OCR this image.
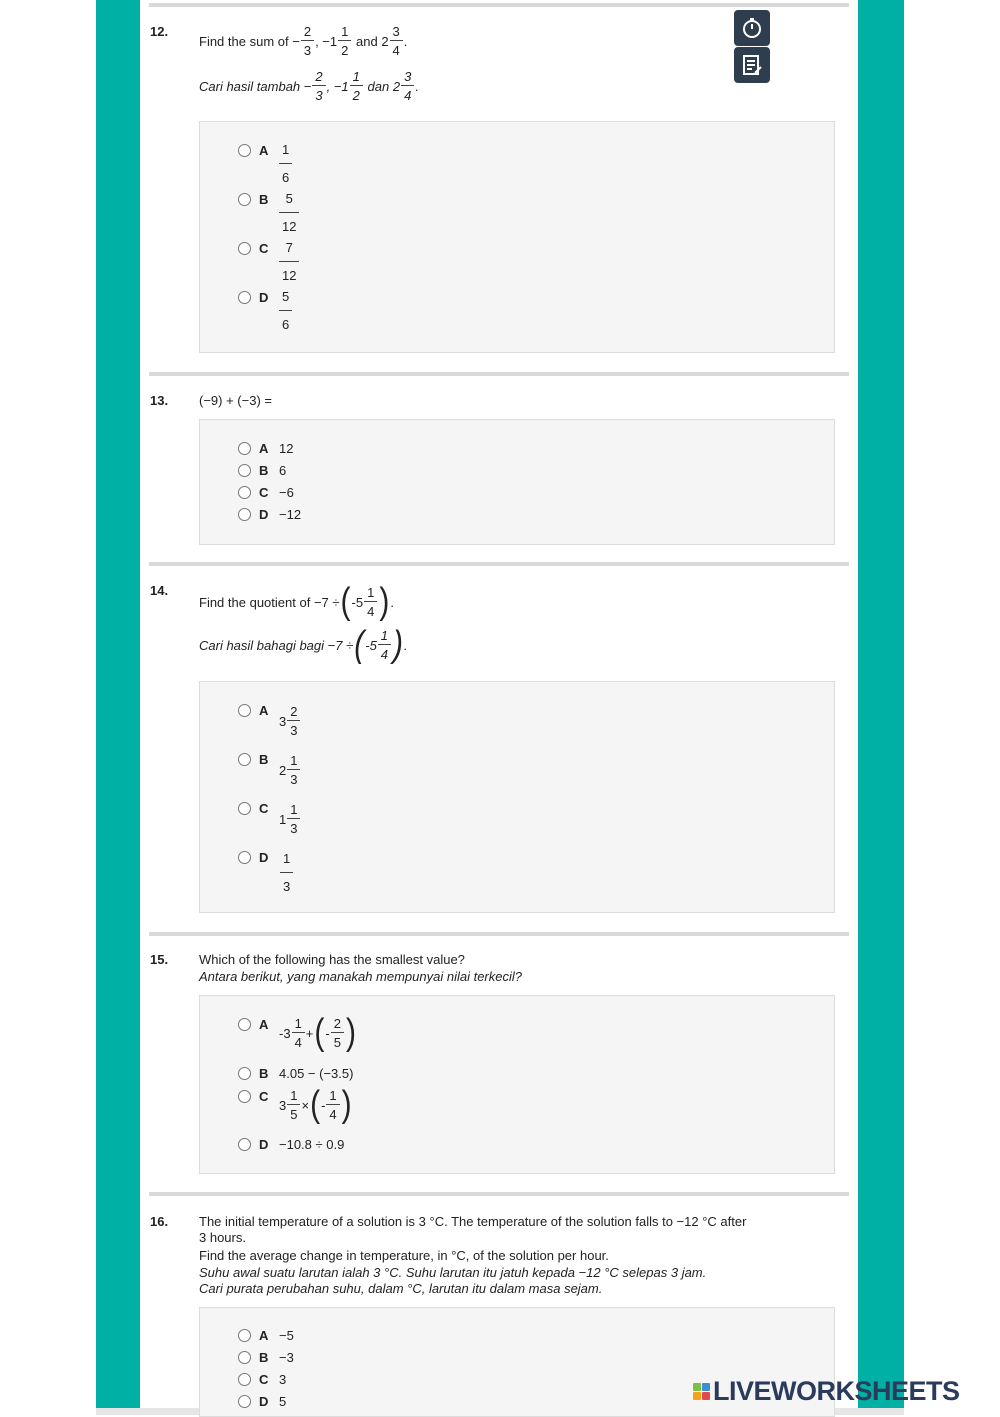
12.
Find the sum of
− $\frac{2}{3}$ , $-1 \frac{1}{2}$
and
$2 \frac{3}{4}$ .
Cari hasil tambah
− $\frac{2}{3}$ , $-1 \frac{1}{2}$
dan
$2 \frac{3}{4}$ .
A $\frac{1}{6}$
B $\frac{5}{12}$
C $\frac{7}{12}$
D $\frac{5}{6}$
13. (−9) + (−3) =
A 12
B 6
C −6
D −12
14.
Find the quotient of
−7 ÷ ( $-5 \frac{1}{4}$ ) .
Cari hasil bahagi bagi
−7 ÷ ( $-5 \frac{1}{4}$ ) .
A
$3 \frac{2}{3}$
B
$2 \frac{1}{3}$
C
$1 \frac{1}{3}$
D $\frac{1}{3}$
15. Which of the following has the smallest value?
Antara berikut, yang manakah mempunyai nilai terkecil?
A
$-3 \frac{1}{4}$ + ( - $\frac{2}{5}$ )
B 4.05 − (−3.5)
C
$3 \frac{1}{5}$ × ( - $\frac{1}{4}$ )
D −10.8 ÷ 0.9
16. The initial temperature of a solution is 3 °C. The temperature of the solution falls to −12 °C after
3 hours.
Find the average change in temperature, in °C, of the solution per hour.
Suhu awal suatu larutan ialah 3 °C. Suhu larutan itu jatuh kepada −12 °C selepas 3 jam.
Cari purata perubahan suhu, dalam °C, larutan itu dalam masa sejam.
A −5
B −3
C 3
D 5	LIVEWORKSHEETS
